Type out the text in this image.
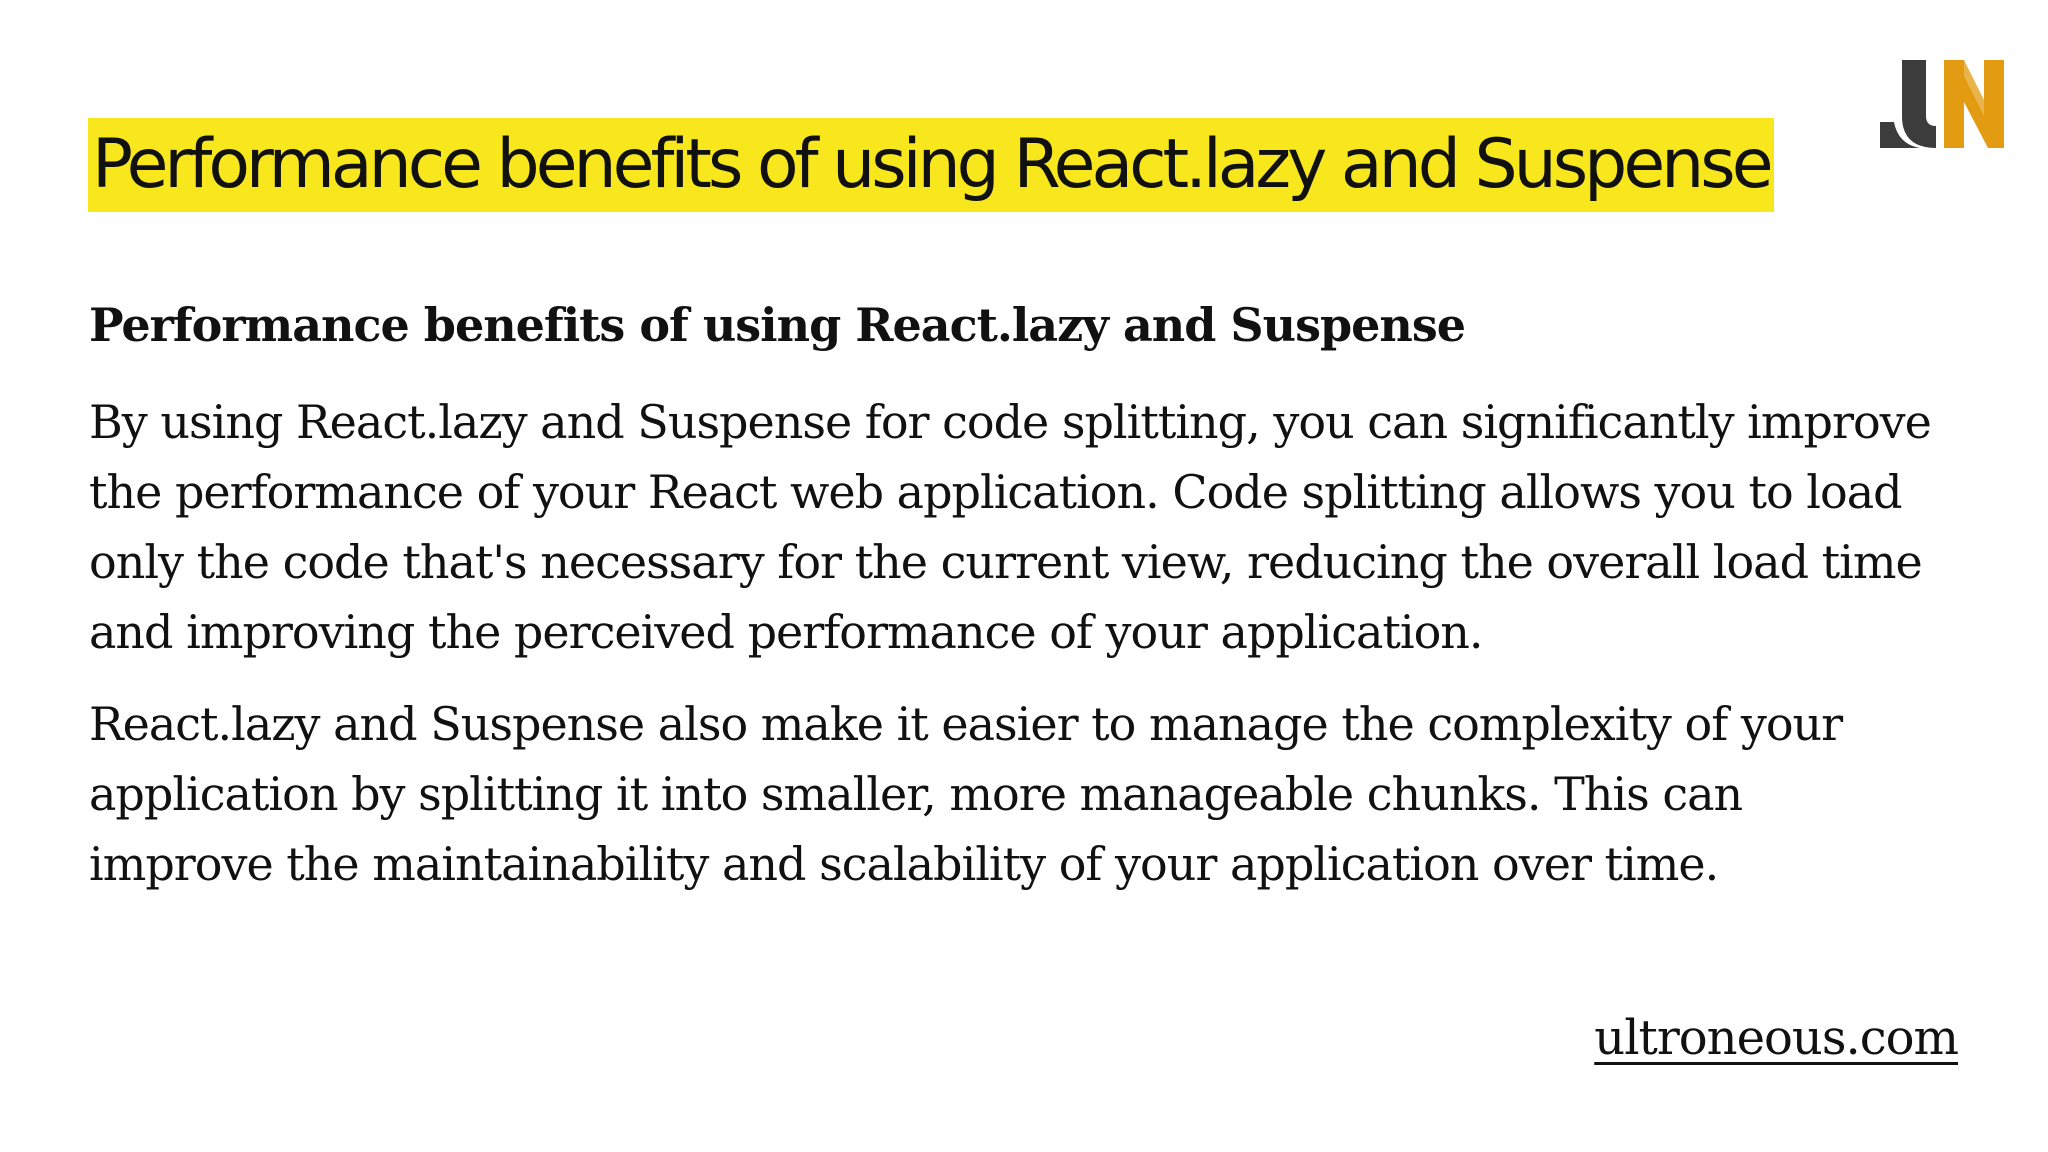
Performance benefits of using React.lazy and Suspense
Performance benefits of using React.lazy and Suspense

By using React.lazy and Suspense for code splitting, you can significantly improve
the performance of your React web application. Code splitting allows you to load
only the code that's necessary for the current view, reducing the overall load time
and improving the perceived performance of your application.

React.lazy and Suspense also make it easier to manage the complexity of your
application by splitting it into smaller, more manageable chunks. This can
improve the maintainability and scalability of your application over time.

ultroneous.com
